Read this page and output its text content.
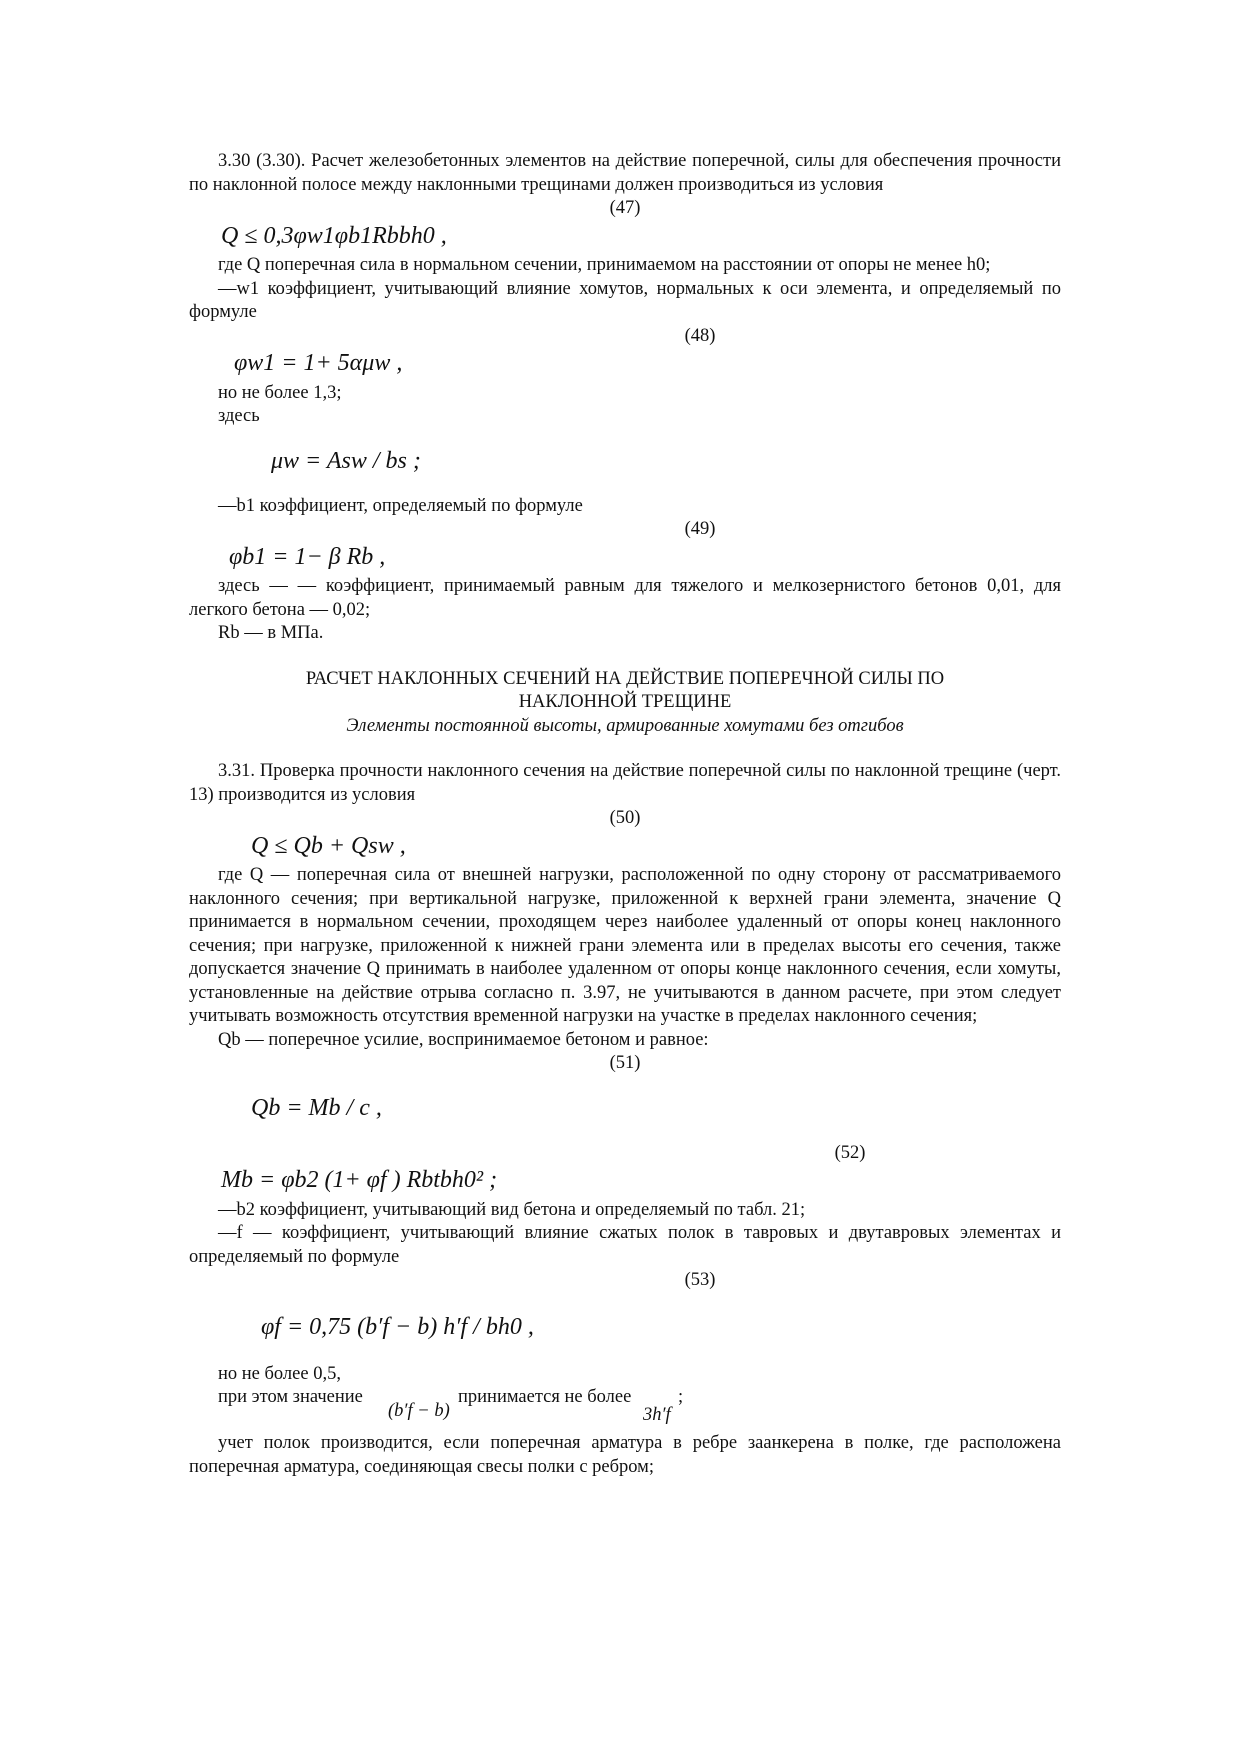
3.30 (3.30). Расчет железобетонных элементов на действие поперечной, силы для обеспечения прочности по наклонной полосе между наклонными трещинами должен производиться из условия

(47)

Q ≤ 0,3φw1φb1Rbbh0 ,

где Q поперечная сила в нормальном сечении, принимаемом на расстоянии от опоры не менее h0;

—w1 коэффициент, учитывающий влияние хомутов, нормальных к оси элемента, и определяемый по формуле

(48)

φw1 = 1+ 5αμw ,

но не более 1,3;

здесь

μw = Asw / bs ;

—b1 коэффициент, определяемый по формуле

(49)

φb1 = 1− β Rb ,

здесь — — коэффициент, принимаемый равным для тяжелого и мелкозернистого бетонов 0,01, для легкого бетона — 0,02;

Rb — в МПа.

РАСЧЕТ НАКЛОННЫХ СЕЧЕНИЙ НА ДЕЙСТВИЕ ПОПЕРЕЧНОЙ СИЛЫ ПО

НАКЛОННОЙ ТРЕЩИНЕ

Элементы постоянной высоты, армированные хомутами без отгибов

3.31. Проверка прочности наклонного сечения на действие поперечной силы по наклонной трещине (черт. 13) производится из условия

(50)

Q ≤ Qb + Qsw ,

где Q — поперечная сила от внешней нагрузки, расположенной по одну сторону от рассматриваемого наклонного сечения; при вертикальной нагрузке, приложенной к верхней грани элемента, значение Q принимается в нормальном сечении, проходящем через наиболее удаленный от опоры конец наклонного сечения; при нагрузке, приложенной к нижней грани элемента или в пределах высоты его сечения, также допускается значение Q принимать в наиболее удаленном от опоры конце наклонного сечения, если хомуты, установленные на действие отрыва согласно п. 3.97, не учитываются в данном расчете, при этом следует учитывать возможность отсутствия временной нагрузки на участке в пределах наклонного сечения;

Qb — поперечное усилие, воспринимаемое бетоном и равное:

(51)

Qb = Mb / c ,

(52)

Mb = φb2 (1+ φf ) Rbtbh0² ;

—b2 коэффициент, учитывающий вид бетона и определяемый по табл. 21;

—f — коэффициент, учитывающий влияние сжатых полок в тавровых и двутавровых элементах и определяемый по формуле

(53)

φf = 0,75 (b′f − b) h′f / bh0 ,

но не более 0,5,

при этом значение
(b′f − b)
принимается не более
3h′f
;

учет полок производится, если поперечная арматура в ребре заанкерена в полке, где расположена поперечная арматура, соединяющая свесы полки с ребром;
